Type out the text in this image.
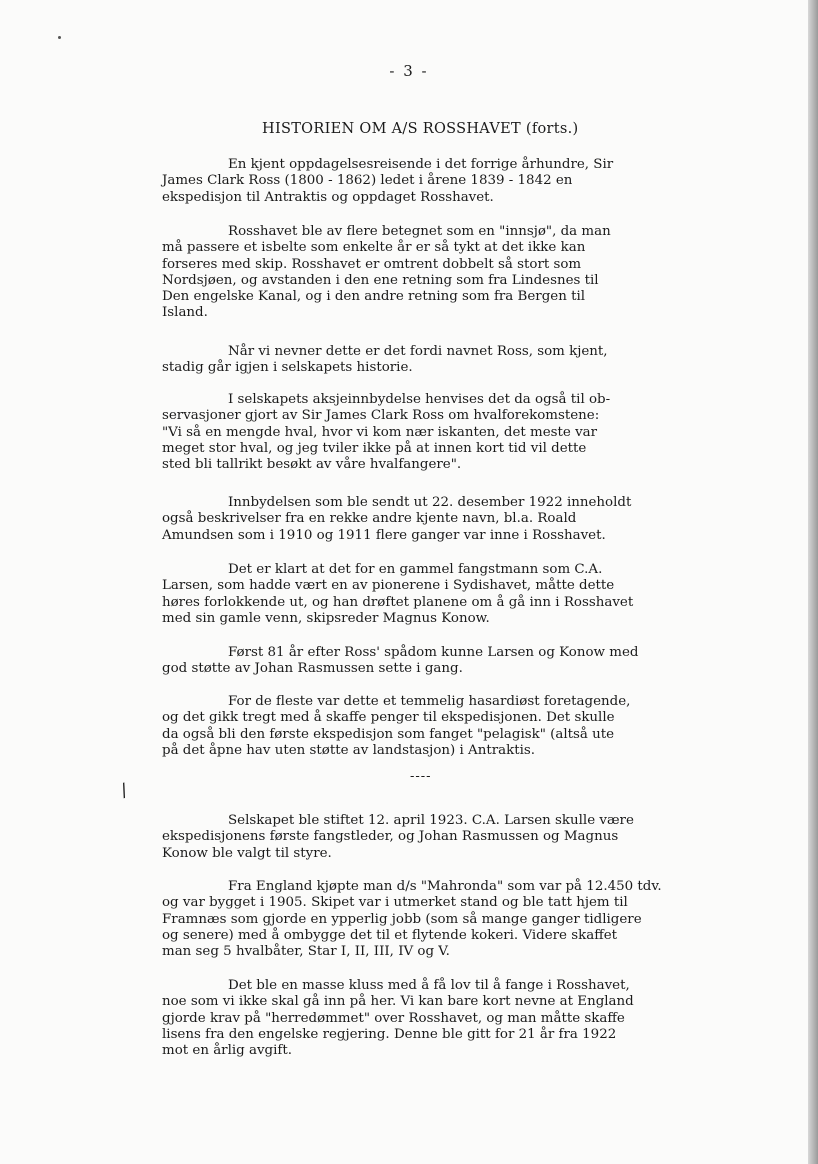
- 3 -
HISTORIEN OM A/S ROSSHAVET (forts.)
En kjent oppdagelsesreisende i det forrige århundre, Sir
James Clark Ross (1800 - 1862) ledet i årene 1839 - 1842 en
ekspedisjon til Antraktis og oppdaget Rosshavet.
Rosshavet ble av flere betegnet som en "innsjø", da man
må passere et isbelte som enkelte år er så tykt at det ikke kan
forseres med skip. Rosshavet er omtrent dobbelt så stort som
Nordsjøen, og avstanden i den ene retning som fra Lindesnes til
Den engelske Kanal, og i den andre retning som fra Bergen til
Island.
Når vi nevner dette er det fordi navnet Ross, som kjent,
stadig går igjen i selskapets historie.
I selskapets aksjeinnbydelse henvises det da også til ob-
servasjoner gjort av Sir James Clark Ross om hvalforekomstene:
"Vi så en mengde hval, hvor vi kom nær iskanten, det meste var
meget stor hval, og jeg tviler ikke på at innen kort tid vil dette
sted bli tallrikt besøkt av våre hvalfangere".
Innbydelsen som ble sendt ut 22. desember 1922 inneholdt
også beskrivelser fra en rekke andre kjente navn, bl.a. Roald
Amundsen som i 1910 og 1911 flere ganger var inne i Rosshavet.
Det er klart at det for en gammel fangstmann som C.A.
Larsen, som hadde vært en av pionerene i Sydishavet, måtte dette
høres forlokkende ut, og han drøftet planene om å gå inn i Rosshavet
med sin gamle venn, skipsreder Magnus Konow.
Først 81 år efter Ross' spådom kunne Larsen og Konow med
god støtte av Johan Rasmussen sette i gang.
For de fleste var dette et temmelig hasardiøst foretagende,
og det gikk tregt med å skaffe penger til ekspedisjonen. Det skulle
da også bli den første ekspedisjon som fanget "pelagisk" (altså ute
på det åpne hav uten støtte av landstasjon) i Antraktis.
----
∕
Selskapet ble stiftet 12. april 1923. C.A. Larsen skulle være
ekspedisjonens første fangstleder, og Johan Rasmussen og Magnus
Konow ble valgt til styre.
Fra England kjøpte man d/s "Mahronda" som var på 12.450 tdv.
og var bygget i 1905. Skipet var i utmerket stand og ble tatt hjem til
Framnæs som gjorde en ypperlig jobb (som så mange ganger tidligere
og senere) med å ombygge det til et flytende kokeri. Videre skaffet
man seg 5 hvalbåter, Star I, II, III, IV og V.
Det ble en masse kluss med å få lov til å fange i Rosshavet,
noe som vi ikke skal gå inn på her. Vi kan bare kort nevne at England
gjorde krav på "herredømmet" over Rosshavet, og man måtte skaffe
lisens fra den engelske regjering. Denne ble gitt for 21 år fra 1922
mot en årlig avgift.
